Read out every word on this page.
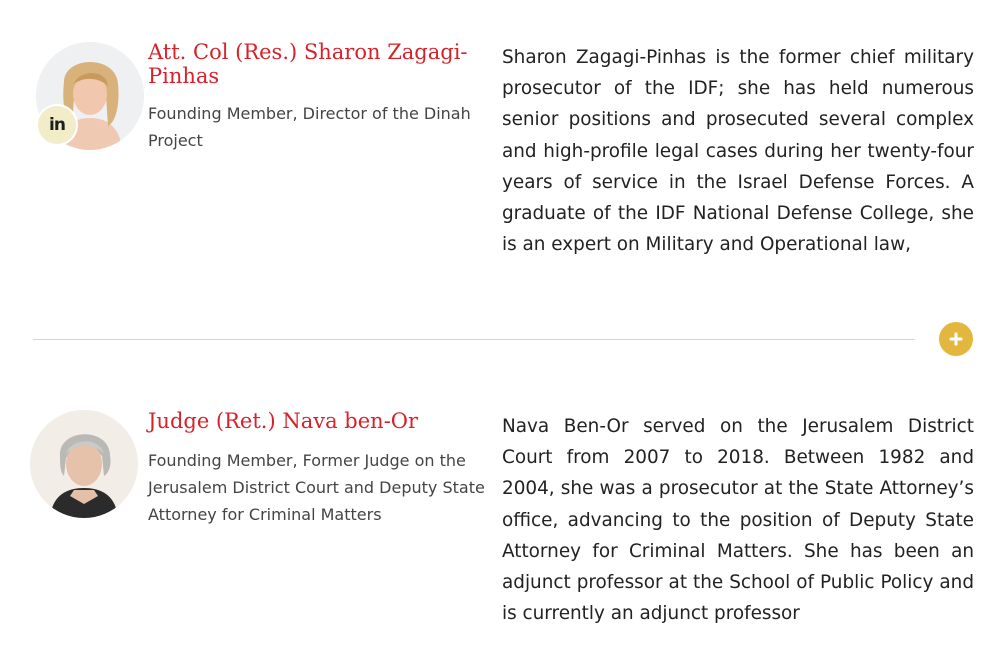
in
Att. Col (Res.) Sharon Zagagi-Pinhas

Founding Member, Director of the Dinah Project

Sharon Zagagi-Pinhas is the former chief military prosecutor of the IDF; she has held numerous senior positions and prosecuted several complex and high-profile legal cases during her twenty-four years of service in the Israel Defense Forces. A graduate of the IDF National Defense College, she is an expert on Military and Operational law,

Judge (Ret.) Nava ben-Or

Founding Member, Former Judge on the Jerusalem District Court and Deputy State Attorney for Criminal Matters

Nava Ben-Or served on the Jerusalem District Court from 2007 to 2018. Between 1982 and 2004, she was a prosecutor at the State Attorney’s office, advancing to the position of Deputy State Attorney for Criminal Matters. She has been an adjunct professor at the School of Public Policy and is currently an adjunct professor
